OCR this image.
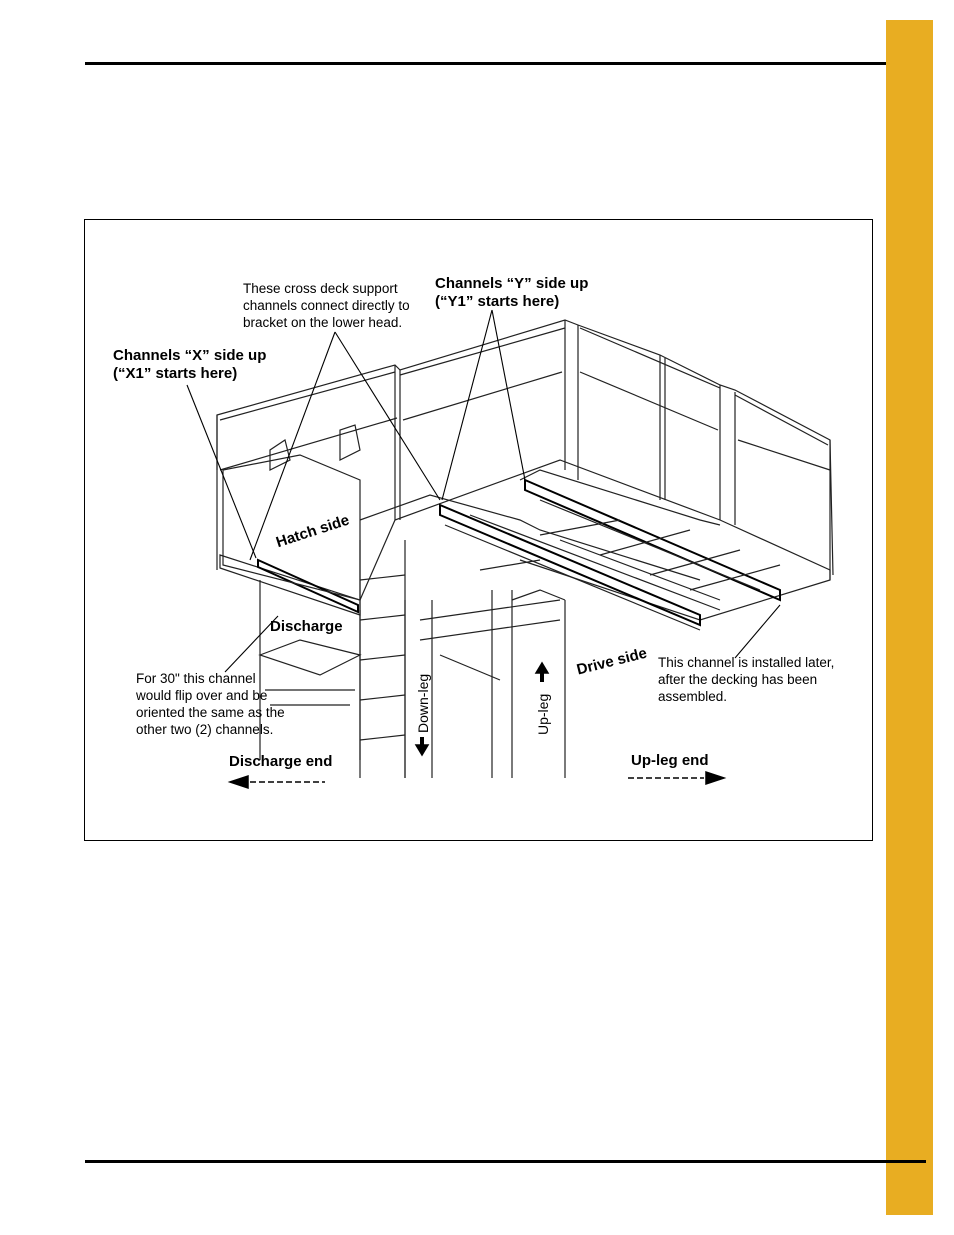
These cross deck support
channels connect directly to
bracket on the lower head.
Channels “Y” side up
(“Y1” starts here)
Channels “X” side up
(“X1” starts here)
Hatch side
Discharge
Drive side
For 30" this channel
would flip over and be
oriented the same as the
other two (2) channels.
This channel is installed later,
after the decking has been
assembled.
Down-leg	Up-leg
Discharge end	Up-leg end
